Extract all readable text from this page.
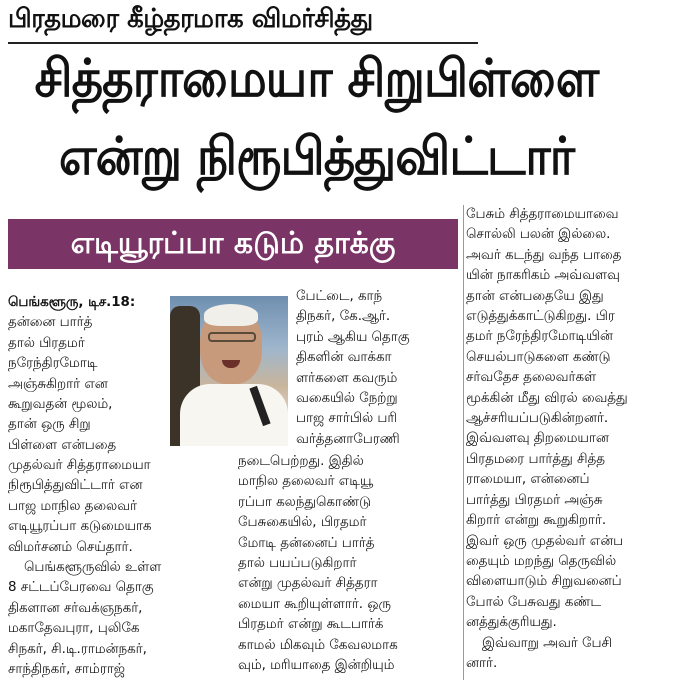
பிரதமரை கீழ்தரமாக விமர்சித்து
சித்தராமையா சிறுபிள்ளை
என்று நிரூபித்துவிட்டார்
எடியூரப்பா கடும் தாக்கு

பெங்களூரு, டிச.18:

தன்னை பார்த்

தால் பிரதமர்

நரேந்திரமோடி

அஞ்சுகிறார் என

கூறுவதன் மூலம்,

தான் ஒரு சிறு

பிள்ளை என்பதை

முதல்வர் சித்தராமையா

நிரூபித்துவிட்டார் என

பாஜ மாநில தலைவர்

எடியூரப்பா கடுமையாக

விமர்சனம் செய்தார்.

பெங்களூருவில் உள்ள

8 சட்டப்பேரவை தொகு

திகளான சர்வக்ஞநகர்,

மகாதேவபுரா, புலிகே

சிநகர், சி.டி.ராமன்நகர்,

சாந்திநகர், சாம்ராஜ்

பேட்டை, காந்

திநகர், கே.ஆர்.

புரம் ஆகிய தொகு

திகளின் வாக்கா

ளர்களை கவரும்

வகையில் நேற்று

பாஜ சார்பில் பரி

வர்த்தனாபேரணி

நடைபெற்றது. இதில்

மாநில தலைவர் எடியூ

ரப்பா கலந்துகொண்டு

பேசுகையில், பிரதமர்

மோடி தன்னைப் பார்த்

தால் பயப்படுகிறார்

என்று முதல்வர் சித்தரா

மையா கூறியுள்ளார். ஒரு

பிரதமர் என்று கூடபார்க்

காமல் மிகவும் கேவலமாக

வும், மரியாதை இன்றியும்

பேசும் சித்தராமையாவை

சொல்லி பலன் இல்லை.

அவர் கடந்து வந்த பாதை

யின் நாகரிகம் அவ்வளவு

தான் என்பதையே இது

எடுத்துக்காட்டுகிறது. பிர

தமர் நரேந்திரமோடியின்

செயல்பாடுகளை கண்டு

சர்வதேச தலைவர்கள்

மூக்கின் மீது விரல் வைத்து

ஆச்சரியப்படுகின்றனர்.

இவ்வளவு திறமையான

பிரதமரை பார்த்து சித்த

ராமையா, என்னைப்

பார்த்து பிரதமர் அஞ்சு

கிறார் என்று கூறுகிறார்.

இவர் ஒரு முதல்வர் என்ப

தையும் மறந்து தெருவில்

விளையாடும் சிறுவனைப்

போல் பேசுவது கண்ட

னத்துக்குரியது.

இவ்வாறு அவர் பேசி

னார்.
